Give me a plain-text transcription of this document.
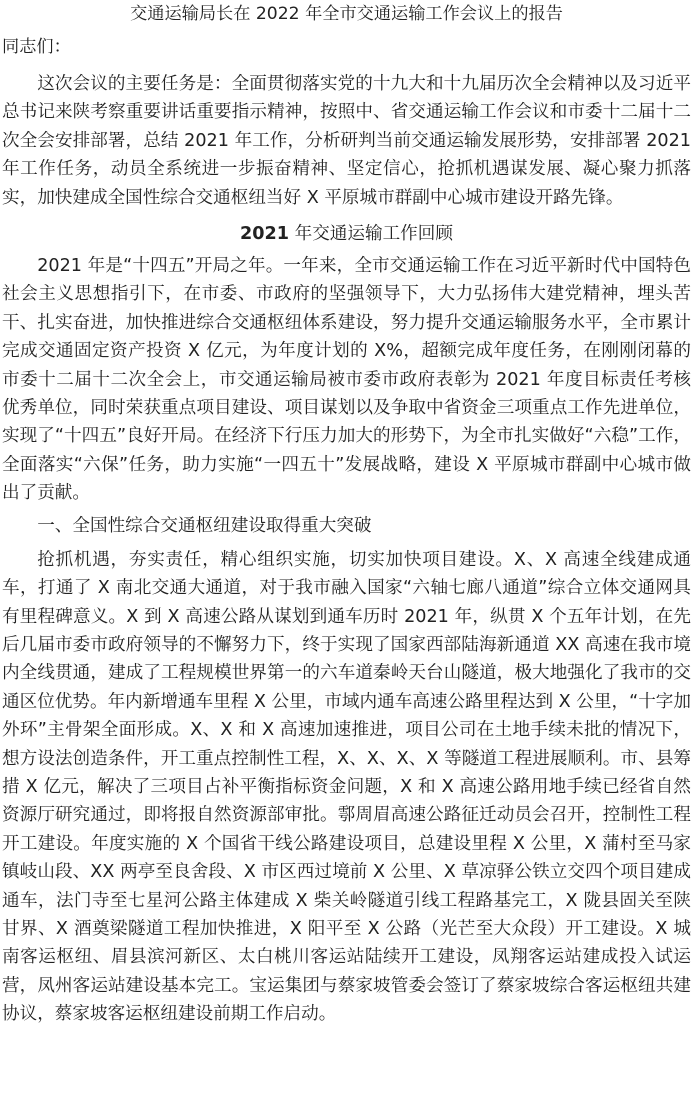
交通运输局长在 2022 年全市交通运输工作会议上的报告
同志们：

这次会议的主要任务是：全面贯彻落实党的十九大和十九届历次全会精神以及习近平总书记来陕考察重要讲话重要指示精神，按照中、省交通运输工作会议和市委十二届十二次全会安排部署，总结 2021 年工作，分析研判当前交通运输发展形势，安排部署 2021 年工作任务，动员全系统进一步振奋精神、坚定信心，抢抓机遇谋发展、凝心聚力抓落实，加快建成全国性综合交通枢纽当好 X 平原城市群副中心城市建设开路先锋。

2021 年交通运输工作回顾

2021 年是“十四五”开局之年。一年来，全市交通运输工作在习近平新时代中国特色社会主义思想指引下，在市委、市政府的坚强领导下，大力弘扬伟大建党精神，埋头苦干、扎实奋进，加快推进综合交通枢纽体系建设，努力提升交通运输服务水平，全市累计完成交通固定资产投资 X 亿元，为年度计划的 X%，超额完成年度任务，在刚刚闭幕的市委十二届十二次全会上，市交通运输局被市委市政府表彰为 2021 年度目标责任考核优秀单位，同时荣获重点项目建设、项目谋划以及争取中省资金三项重点工作先进单位，实现了“十四五”良好开局。在经济下行压力加大的形势下，为全市扎实做好“六稳”工作，全面落实“六保”任务，助力实施“一四五十”发展战略，建设 X 平原城市群副中心城市做出了贡献。

一、全国性综合交通枢纽建设取得重大突破

抢抓机遇，夯实责任，精心组织实施，切实加快项目建设。X、X 高速全线建成通车，打通了 X 南北交通大通道，对于我市融入国家“六轴七廊八通道”综合立体交通网具有里程碑意义。X 到 X 高速公路从谋划到通车历时 2021 年，纵贯 X 个五年计划，在先后几届市委市政府领导的不懈努力下，终于实现了国家西部陆海新通道 XX 高速在我市境内全线贯通，建成了工程规模世界第一的六车道秦岭天台山隧道，极大地强化了我市的交通区位优势。年内新增通车里程 X 公里，市域内通车高速公路里程达到 X 公里，“十字加外环”主骨架全面形成。X、X 和 X 高速加速推进，项目公司在土地手续未批的情况下，想方设法创造条件，开工重点控制性工程，X、X、X、X 等隧道工程进展顺利。市、县筹措 X 亿元，解决了三项目占补平衡指标资金问题，X 和 X 高速公路用地手续已经省自然资源厅研究通过，即将报自然资源部审批。鄠周眉高速公路征迁动员会召开，控制性工程开工建设。年度实施的 X 个国省干线公路建设项目，总建设里程 X 公里，X 蒲村至马家镇岐山段、XX 两亭至良舍段、X 市区西过境前 X 公里、X 草凉驿公铁立交四个项目建成通车，法门寺至七星河公路主体建成 X 柴关岭隧道引线工程路基完工，X 陇县固关至陕甘界、X 酒奠梁隧道工程加快推进，X 阳平至 X 公路（光芒至大众段）开工建设。X 城南客运枢纽、眉县滨河新区、太白桃川客运站陆续开工建设，凤翔客运站建成投入试运营，凤州客运站建设基本完工。宝运集团与蔡家坡管委会签订了蔡家坡综合客运枢纽共建协议，蔡家坡客运枢纽建设前期工作启动。
